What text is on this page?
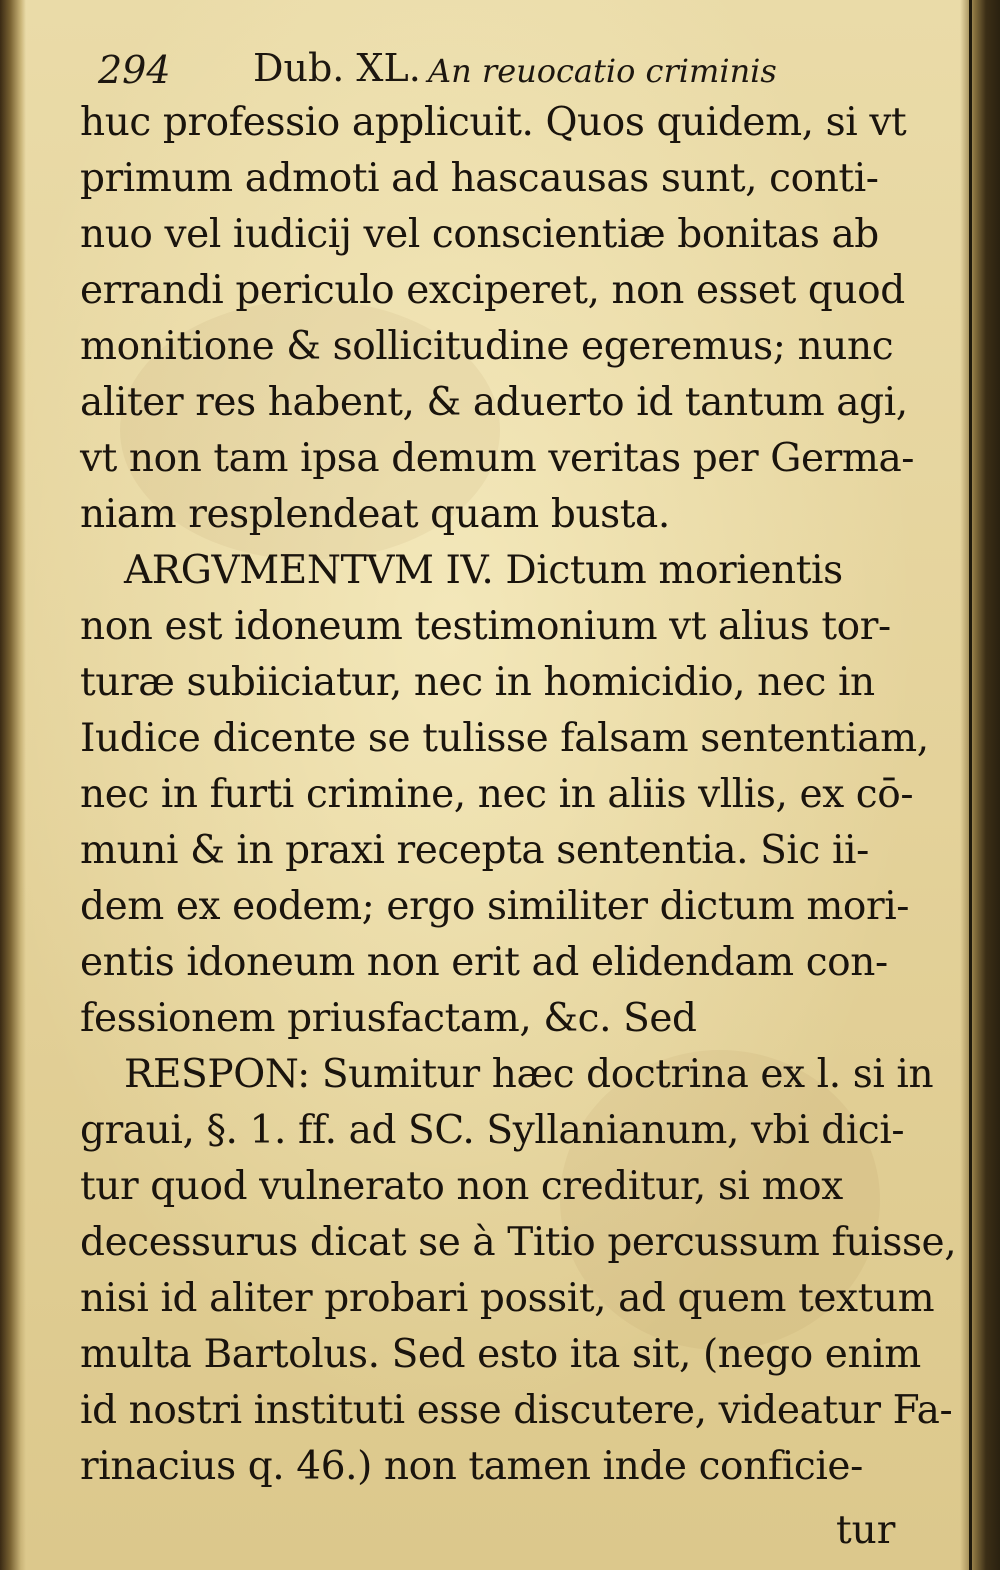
294 Dub. XL. An reuocatio criminis
huc professio applicuit. Quos quidem, si vt
primum admoti ad hascausas sunt, conti-
nuo vel iudicij vel conscientiæ bonitas ab
errandi periculo exciperet, non esset quod
monitione & sollicitudine egeremus; nunc
aliter res habent, & aduerto id tantum agi,
vt non tam ipsa demum veritas per Germa-
niam resplendeat quam busta.
ARGVMENTVM IV. Dictum morientis
non est idoneum testimonium vt alius tor-
turæ subiiciatur, nec in homicidio, nec in
Iudice dicente se tulisse falsam sententiam,
nec in furti crimine, nec in aliis vllis, ex cō-
muni & in praxi recepta sententia. Sic ii-
dem ex eodem; ergo similiter dictum mori-
entis idoneum non erit ad elidendam con-
fessionem priusfactam, &c. Sed
RESPON: Sumitur hæc doctrina ex l. si in
graui, §. 1. ff. ad SC. Syllanianum, vbi dici-
tur quod vulnerato non creditur, si mox
decessurus dicat se à Titio percussum fuisse,
nisi id aliter probari possit, ad quem textum
multa Bartolus. Sed esto ita sit, (nego enim
id nostri instituti esse discutere, videatur Fa-
rinacius q. 46.) non tamen inde conficie-
tur
